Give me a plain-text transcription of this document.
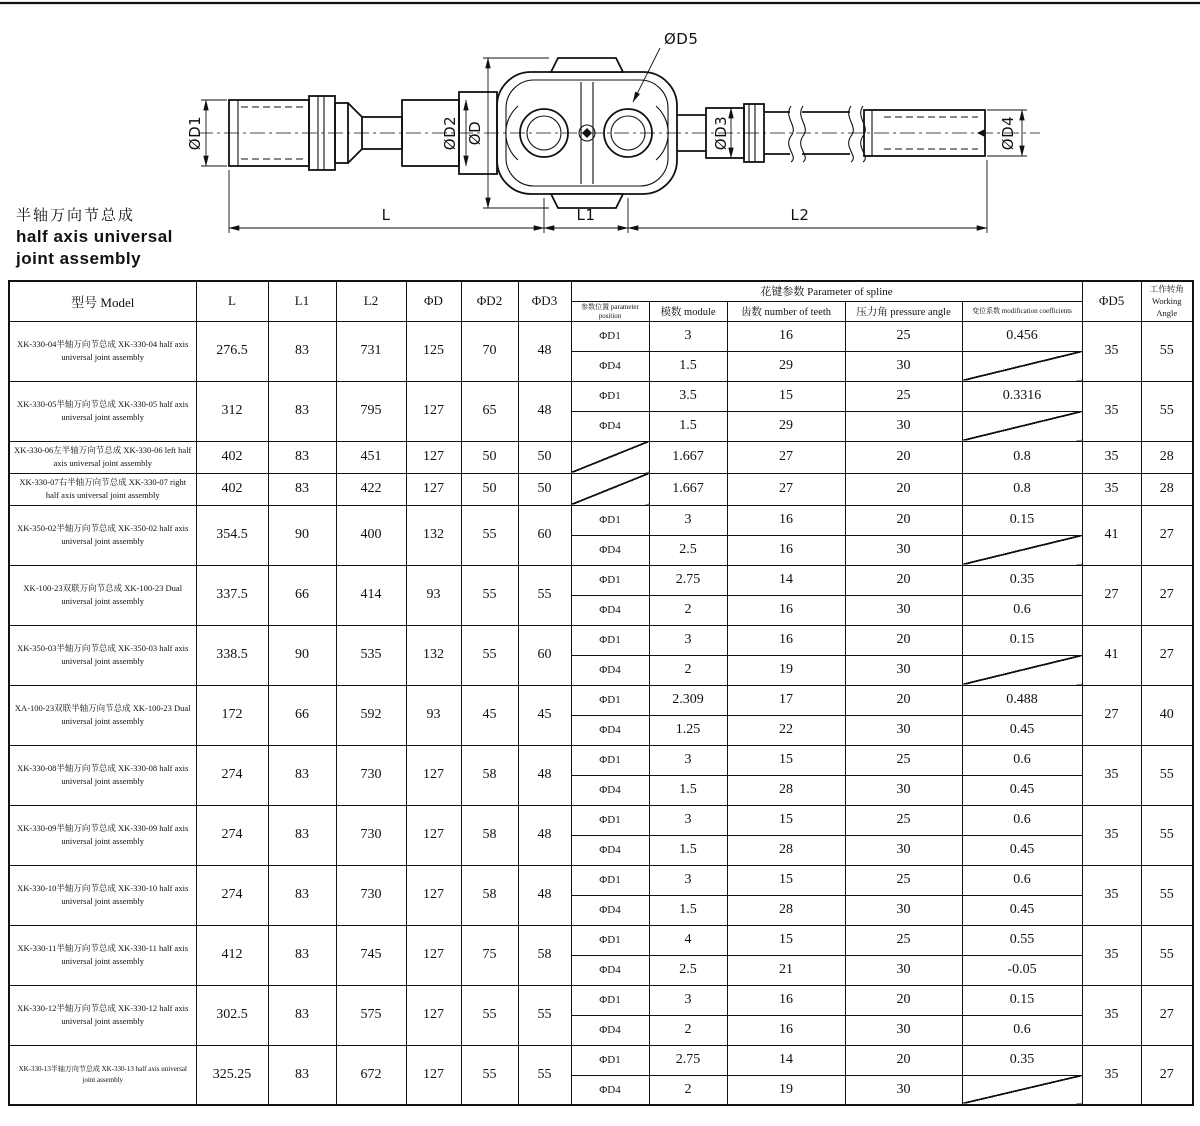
ØD1	ØD2 ØD	ØD3	ØD4
ØD5
L	L1	L2
半轴万向节总成
half axis universal
joint assembly
型号 Model	L	L1	L2	ΦD	ΦD2	ΦD3	花键参数 Parameter of spline					ΦD5	工作转角
Working Angle

							参数位置 parameter position	模数 module	齿数 number of teeth	压力角 pressure angle	变位系数 modification coefficients		
XK-330-04半轴万向节总成 XK-330-04 half axis universal joint assembly	276.5	83	731	125	70	48	ΦD1	3	16	25	0.456	35	55
							ΦD4	1.5	29	30			
XK-330-05半轴万向节总成 XK-330-05 half axis universal joint assembly	312	83	795	127	65	48	ΦD1	3.5	15	25	0.3316	35	55
							ΦD4	1.5	29	30			
XK-330-06左半轴万向节总成 XK-330-06 left half axis universal joint assembly	402	83	451	127	50	50		1.667	27	20	0.8	35	28
XK-330-07右半轴万向节总成 XK-330-07 right half axis universal joint assembly	402	83	422	127	50	50		1.667	27	20	0.8	35	28
XK-350-02半轴万向节总成 XK-350-02 half axis universal joint assembly	354.5	90	400	132	55	60	ΦD1	3	16	20	0.15	41	27
							ΦD4	2.5	16	30			
XK-100-23双联万向节总成 XK-100-23 Dual universal joint assembly	337.5	66	414	93	55	55	ΦD1	2.75	14	20	0.35	27	27
							ΦD4	2	16	30	0.6		
XK-350-03半轴万向节总成 XK-350-03 half axis universal joint assembly	338.5	90	535	132	55	60	ΦD1	3	16	20	0.15	41	27
							ΦD4	2	19	30			
XA-100-23双联半轴万向节总成 XK-100-23 Dual universal joint assembly	172	66	592	93	45	45	ΦD1	2.309	17	20	0.488	27	40
							ΦD4	1.25	22	30	0.45		
XK-330-08半轴万向节总成 XK-330-08 half axis universal joint assembly	274	83	730	127	58	48	ΦD1	3	15	25	0.6	35	55
							ΦD4	1.5	28	30	0.45		
XK-330-09半轴万向节总成 XK-330-09 half axis universal joint assembly	274	83	730	127	58	48	ΦD1	3	15	25	0.6	35	55
							ΦD4	1.5	28	30	0.45		
XK-330-10半轴万向节总成 XK-330-10 half axis universal joint assembly	274	83	730	127	58	48	ΦD1	3	15	25	0.6	35	55
							ΦD4	1.5	28	30	0.45		
XK-330-11半轴万向节总成 XK-330-11 half axis universal joint assembly	412	83	745	127	75	58	ΦD1	4	15	25	0.55	35	55
							ΦD4	2.5	21	30	-0.05		
XK-330-12半轴万向节总成 XK-330-12 half axis universal joint assembly	302.5	83	575	127	55	55	ΦD1	3	16	20	0.15	35	27
							ΦD4	2	16	30	0.6		
XK-330-13半轴万向节总成 XK-330-13 half axis universal joint assembly	325.25	83	672	127	55	55	ΦD1	2.75	14	20	0.35	35	27
							ΦD4	2	19	30			
